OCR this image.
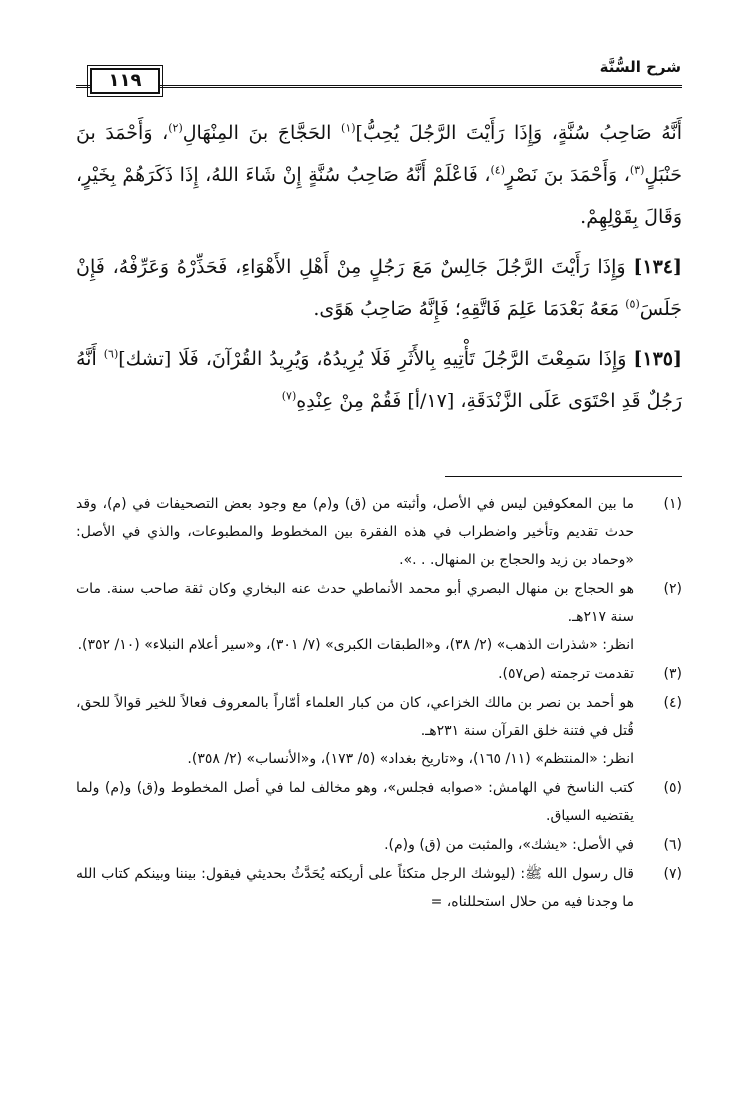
شرح السُّنَّة
١١٩

أَنَّهُ صَاحِبُ سُنَّةٍ، وَإِذَا رَأَيْتَ الرَّجُلَ يُحِبُّ]$^{(١)}$ الحَجَّاجَ بنَ المِنْهَالِ$^{(٢)}$، وَأَحْمَدَ بنَ حَنْبَلٍ$^{(٣)}$، وَأَحْمَدَ بنَ نَصْرٍ$^{(٤)}$، فَاعْلَمْ أَنَّهُ صَاحِبُ سُنَّةٍ إِنْ شَاءَ اللهُ، إِذَا ذَكَرَهُمْ بِخَيْرٍ، وَقَالَ بِقَوْلِهِمْ.

[١٣٤] وَإِذَا رَأَيْتَ الرَّجُلَ جَالِسٌ مَعَ رَجُلٍ مِنْ أَهْلِ الأَهْوَاءِ، فَحَذِّرْهُ وَعَرِّفْهُ، فَإِنْ جَلَسَ$^{(٥)}$ مَعَهُ بَعْدَمَا عَلِمَ فَاتَّقِهِ؛ فَإِنَّهُ صَاحِبُ هَوًى.

[١٣٥] وَإِذَا سَمِعْتَ الرَّجُلَ تَأْتِيهِ بِالأَثَرِ فَلَا يُرِيدُهُ، وَيُرِيدُ القُرْآنَ، فَلَا [تشك]$^{(٦)}$ أَنَّهُ رَجُلٌ قَدِ احْتَوَى عَلَى الزَّنْدَقَةِ، [١٧/أ] فَقُمْ مِنْ عِنْدِهِ$^{(٧)}$

(١)
ما بين المعكوفين ليس في الأصل، وأثبته من (ق) و(م) مع وجود بعض التصحيفات في (م)، وقد حدث تقديم وتأخير واضطراب في هذه الفقرة بين المخطوط والمطبوعات، والذي في الأصل: «وحماد بن زيد والحجاج بن المنهال. . .».
(٢)
هو الحجاج بن منهال البصري أبو محمد الأنماطي حدث عنه البخاري وكان ثقة صاحب سنة. مات سنة ٢١٧هـ.
انظر: «شذرات الذهب» (٢/ ٣٨)، و«الطبقات الكبرى» (٧/ ٣٠١)، و«سير أعلام النبلاء» (١٠/ ٣٥٢).
(٣)
تقدمت ترجمته (ص٥٧).
(٤)
هو أحمد بن نصر بن مالك الخزاعي، كان من كبار العلماء أمّاراً بالمعروف فعالاً للخير قوالاً للحق، قُتل في فتنة خلق القرآن سنة ٢٣١هـ.
انظر: «المنتظم» (١١/ ١٦٥)، و«تاريخ بغداد» (٥/ ١٧٣)، و«الأنساب» (٢/ ٣٥٨).
(٥)
كتب الناسخ في الهامش: «صوابه فجلس»، وهو مخالف لما في أصل المخطوط و(ق) و(م) ولما يقتضيه السياق.
(٦)
في الأصل: «يشك»، والمثبت من (ق) و(م).
(٧)
قال رسول الله ﷺ: (ليوشك الرجل متكئاً على أريكته يُحَدَّثُ بحديثي فيقول: بيننا وبينكم كتاب الله ما وجدنا فيه من حلال استحللناه، =
